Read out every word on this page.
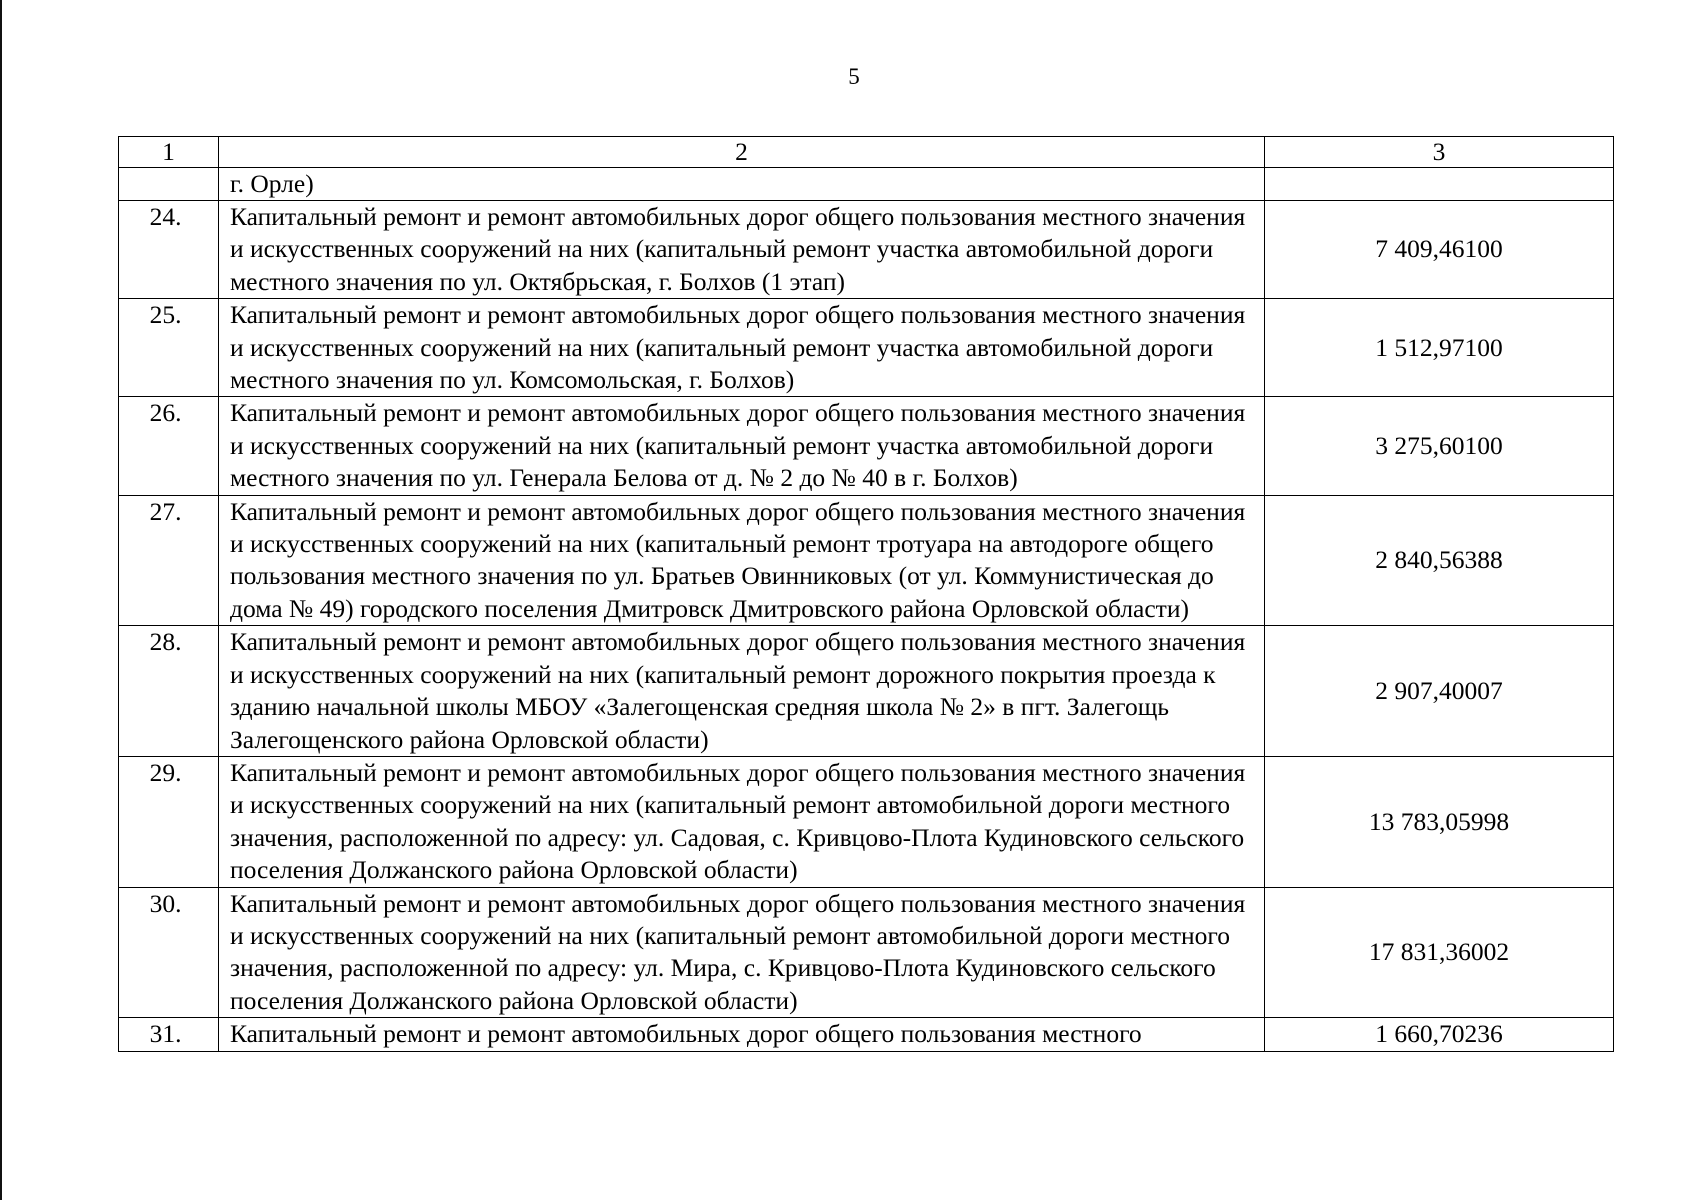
5
1	2	3
	г. Орле)	
24.	Капитальный ремонт и ремонт автомобильных дорог общего пользования местного значения и искусственных сооружений на них (капитальный ремонт участка автомобильной дороги местного значения по ул. Октябрьская, г. Болхов (1 этап)	7 409,46100
25.	Капитальный ремонт и ремонт автомобильных дорог общего пользования местного значения и искусственных сооружений на них (капитальный ремонт участка автомобильной дороги местного значения по ул. Комсомольская, г. Болхов)	1 512,97100
26.	Капитальный ремонт и ремонт автомобильных дорог общего пользования местного значения и искусственных сооружений на них (капитальный ремонт участка автомобильной дороги местного значения по ул. Генерала Белова от д. № 2 до № 40 в г. Болхов)	3 275,60100
27.	Капитальный ремонт и ремонт автомобильных дорог общего пользования местного значения и искусственных сооружений на них (капитальный ремонт тротуара на автодороге общего пользования местного значения по ул. Братьев Овинниковых (от ул. Коммунистическая до дома № 49) городского поселения Дмитровск Дмитровского района Орловской области)	2 840,56388
28.	Капитальный ремонт и ремонт автомобильных дорог общего пользования местного значения и искусственных сооружений на них (капитальный ремонт дорожного покрытия проезда к зданию начальной школы МБОУ «Залегощенская средняя школа № 2» в пгт. Залегощь Залегощенского района Орловской области)	2 907,40007
29.	Капитальный ремонт и ремонт автомобильных дорог общего пользования местного значения и искусственных сооружений на них (капитальный ремонт автомобильной дороги местного значения, расположенной по адресу: ул. Садовая, с. Кривцово-Плота Кудиновского сельского поселения Должанского района Орловской области)	13 783,05998
30.	Капитальный ремонт и ремонт автомобильных дорог общего пользования местного значения и искусственных сооружений на них (капитальный ремонт автомобильной дороги местного значения, расположенной по адресу: ул. Мира, с. Кривцово-Плота Кудиновского сельского поселения Должанского района Орловской области)	17 831,36002
31.	Капитальный ремонт и ремонт автомобильных дорог общего пользования местного	1 660,70236
